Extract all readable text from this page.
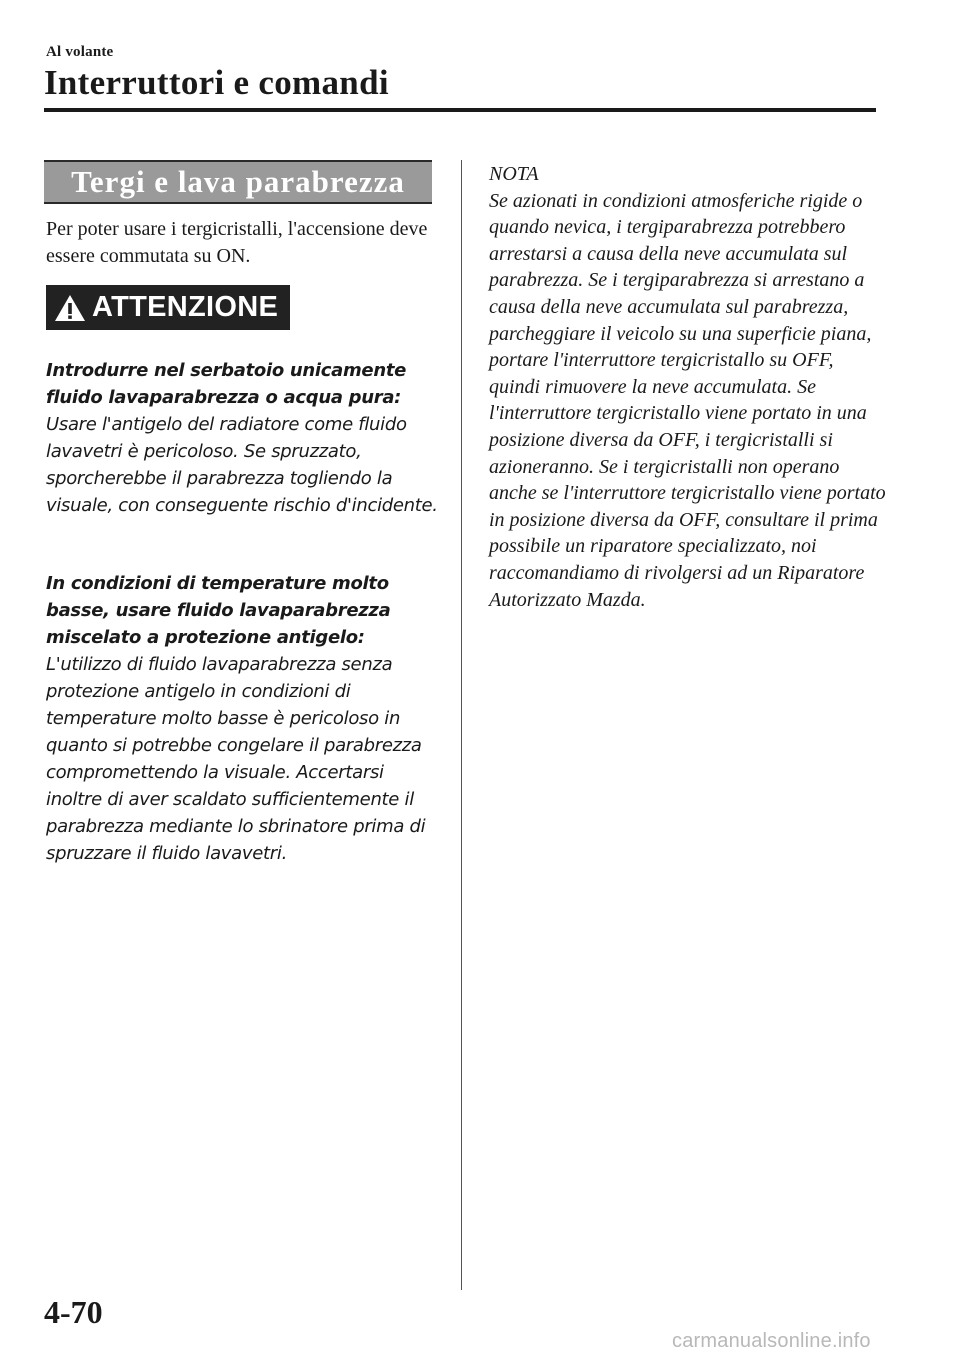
Al volante
Interruttori e comandi
Tergi e lava parabrezza

Per poter usare i tergicristalli, l'accensione deve essere commutata su ON.

ATTENZIONE

Introdurre nel serbatoio unicamente fluido lavaparabrezza o acqua pura:
Usare l'antigelo del radiatore come fluido lavavetri è pericoloso. Se spruzzato, sporcherebbe il parabrezza togliendo la visuale, con conseguente rischio d'incidente.

In condizioni di temperature molto basse, usare fluido lavaparabrezza miscelato a protezione antigelo:
L'utilizzo di fluido lavaparabrezza senza protezione antigelo in condizioni di temperature molto basse è pericoloso in quanto si potrebbe congelare il parabrezza compromettendo la visuale. Accertarsi inoltre di aver scaldato sufficientemente il parabrezza mediante lo sbrinatore prima di spruzzare il fluido lavavetri.

NOTA
Se azionati in condizioni atmosferiche rigide o quando nevica, i tergiparabrezza potrebbero arrestarsi a causa della neve accumulata sul parabrezza. Se i tergiparabrezza si arrestano a causa della neve accumulata sul parabrezza, parcheggiare il veicolo su una superficie piana, portare l'interruttore tergicristallo su OFF, quindi rimuovere la neve accumulata. Se l'interruttore tergicristallo viene portato in una posizione diversa da OFF, i tergicristalli si azioneranno. Se i tergicristalli non operano anche se l'interruttore tergicristallo viene portato in posizione diversa da OFF, consultare il prima possibile un riparatore specializzato, noi raccomandiamo di rivolgersi ad un Riparatore Autorizzato Mazda.

4-70
carmanualsonline.info
